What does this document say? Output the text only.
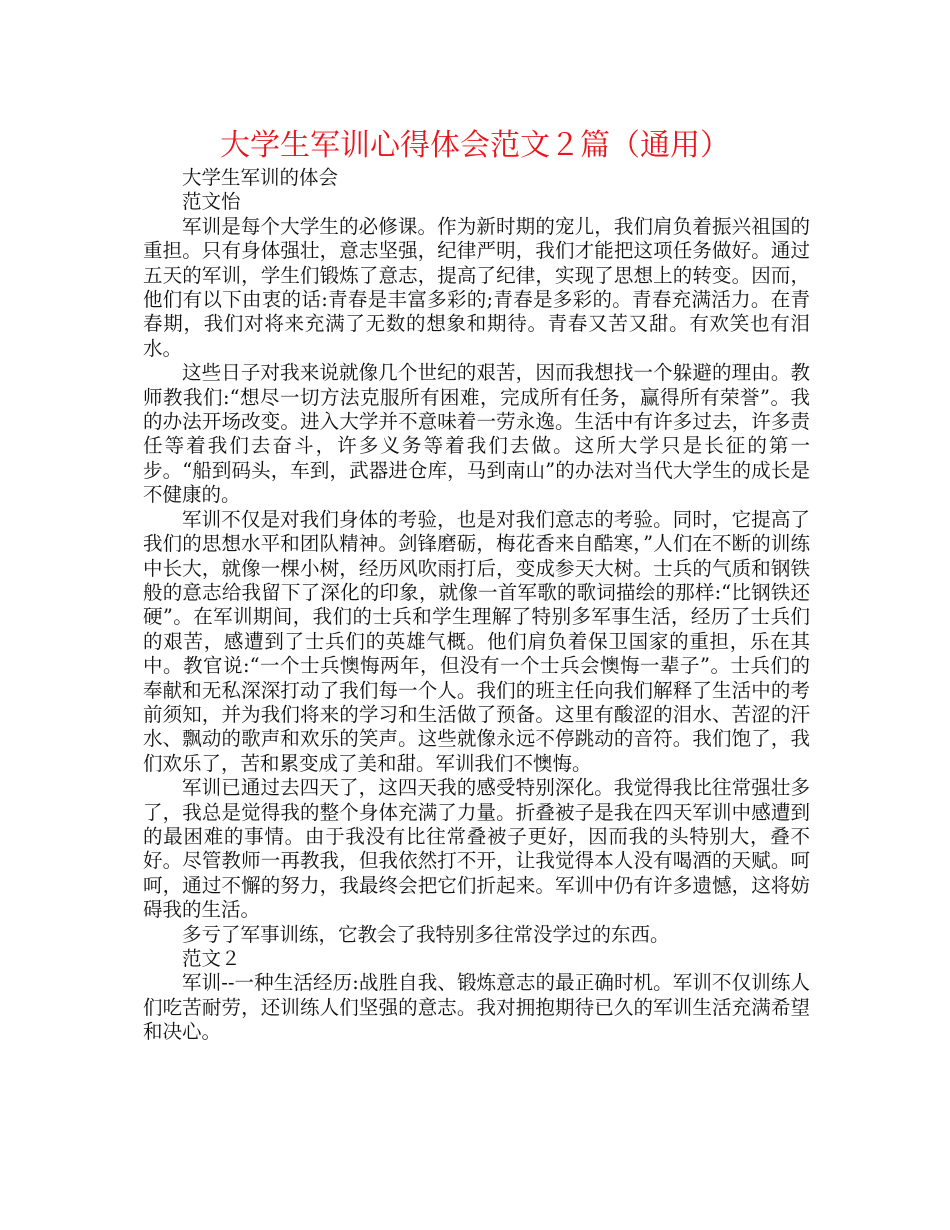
大学生军训心得体会范文２篇（通用）

大学生军训的体会

范文怡

军训是每个大学生的必修课。作为新时期的宠儿，我们肩负着振兴祖国的重担。只有身体强壮，意志坚强，纪律严明，我们才能把这项任务做好。通过五天的军训，学生们锻炼了意志，提高了纪律，实现了思想上的转变。因而，他们有以下由衷的话:青春是丰富多彩的;青春是多彩的。青春充满活力。在青春期，我们对将来充满了无数的想象和期待。青春又苦又甜。有欢笑也有泪水。

这些日子对我来说就像几个世纪的艰苦，因而我想找一个躲避的理由。教师教我们:“想尽一切方法克服所有困难，完成所有任务，赢得所有荣誉”。我的办法开场改变。进入大学并不意味着一劳永逸。生活中有许多过去，许多责任等着我们去奋斗，许多义务等着我们去做。这所大学只是长征的第一步。“船到码头，车到，武器进仓库，马到南山”的办法对当代大学生的成长是不健康的。

军训不仅是对我们身体的考验，也是对我们意志的考验。同时，它提高了我们的思想水平和团队精神。剑锋磨砺，梅花香来自酷寒，”人们在不断的训练中长大，就像一棵小树，经历风吹雨打后，变成参天大树。士兵的气质和钢铁般的意志给我留下了深化的印象，就像一首军歌的歌词描绘的那样:“比钢铁还硬”。在军训期间，我们的士兵和学生理解了特别多军事生活，经历了士兵们的艰苦，感遭到了士兵们的英雄气概。他们肩负着保卫国家的重担，乐在其中。教官说:“一个士兵懊悔两年，但没有一个士兵会懊悔一辈子”。士兵们的奉献和无私深深打动了我们每一个人。我们的班主任向我们解释了生活中的考前须知，并为我们将来的学习和生活做了预备。这里有酸涩的泪水、苦涩的汗水、飘动的歌声和欢乐的笑声。这些就像永远不停跳动的音符。我们饱了，我们欢乐了，苦和累变成了美和甜。军训我们不懊悔。

军训已通过去四天了，这四天我的感受特别深化。我觉得我比往常强壮多了，我总是觉得我的整个身体充满了力量。折叠被子是我在四天军训中感遭到的最困难的事情。由于我没有比往常叠被子更好，因而我的头特别大，叠不好。尽管教师一再教我，但我依然打不开，让我觉得本人没有喝酒的天赋。呵呵，通过不懈的努力，我最终会把它们折起来。军训中仍有许多遗憾，这将妨碍我的生活。

多亏了军事训练，它教会了我特别多往常没学过的东西。

范文２

军训--一种生活经历:战胜自我、锻炼意志的最正确时机。军训不仅训练人们吃苦耐劳，还训练人们坚强的意志。我对拥抱期待已久的军训生活充满希望和决心。
